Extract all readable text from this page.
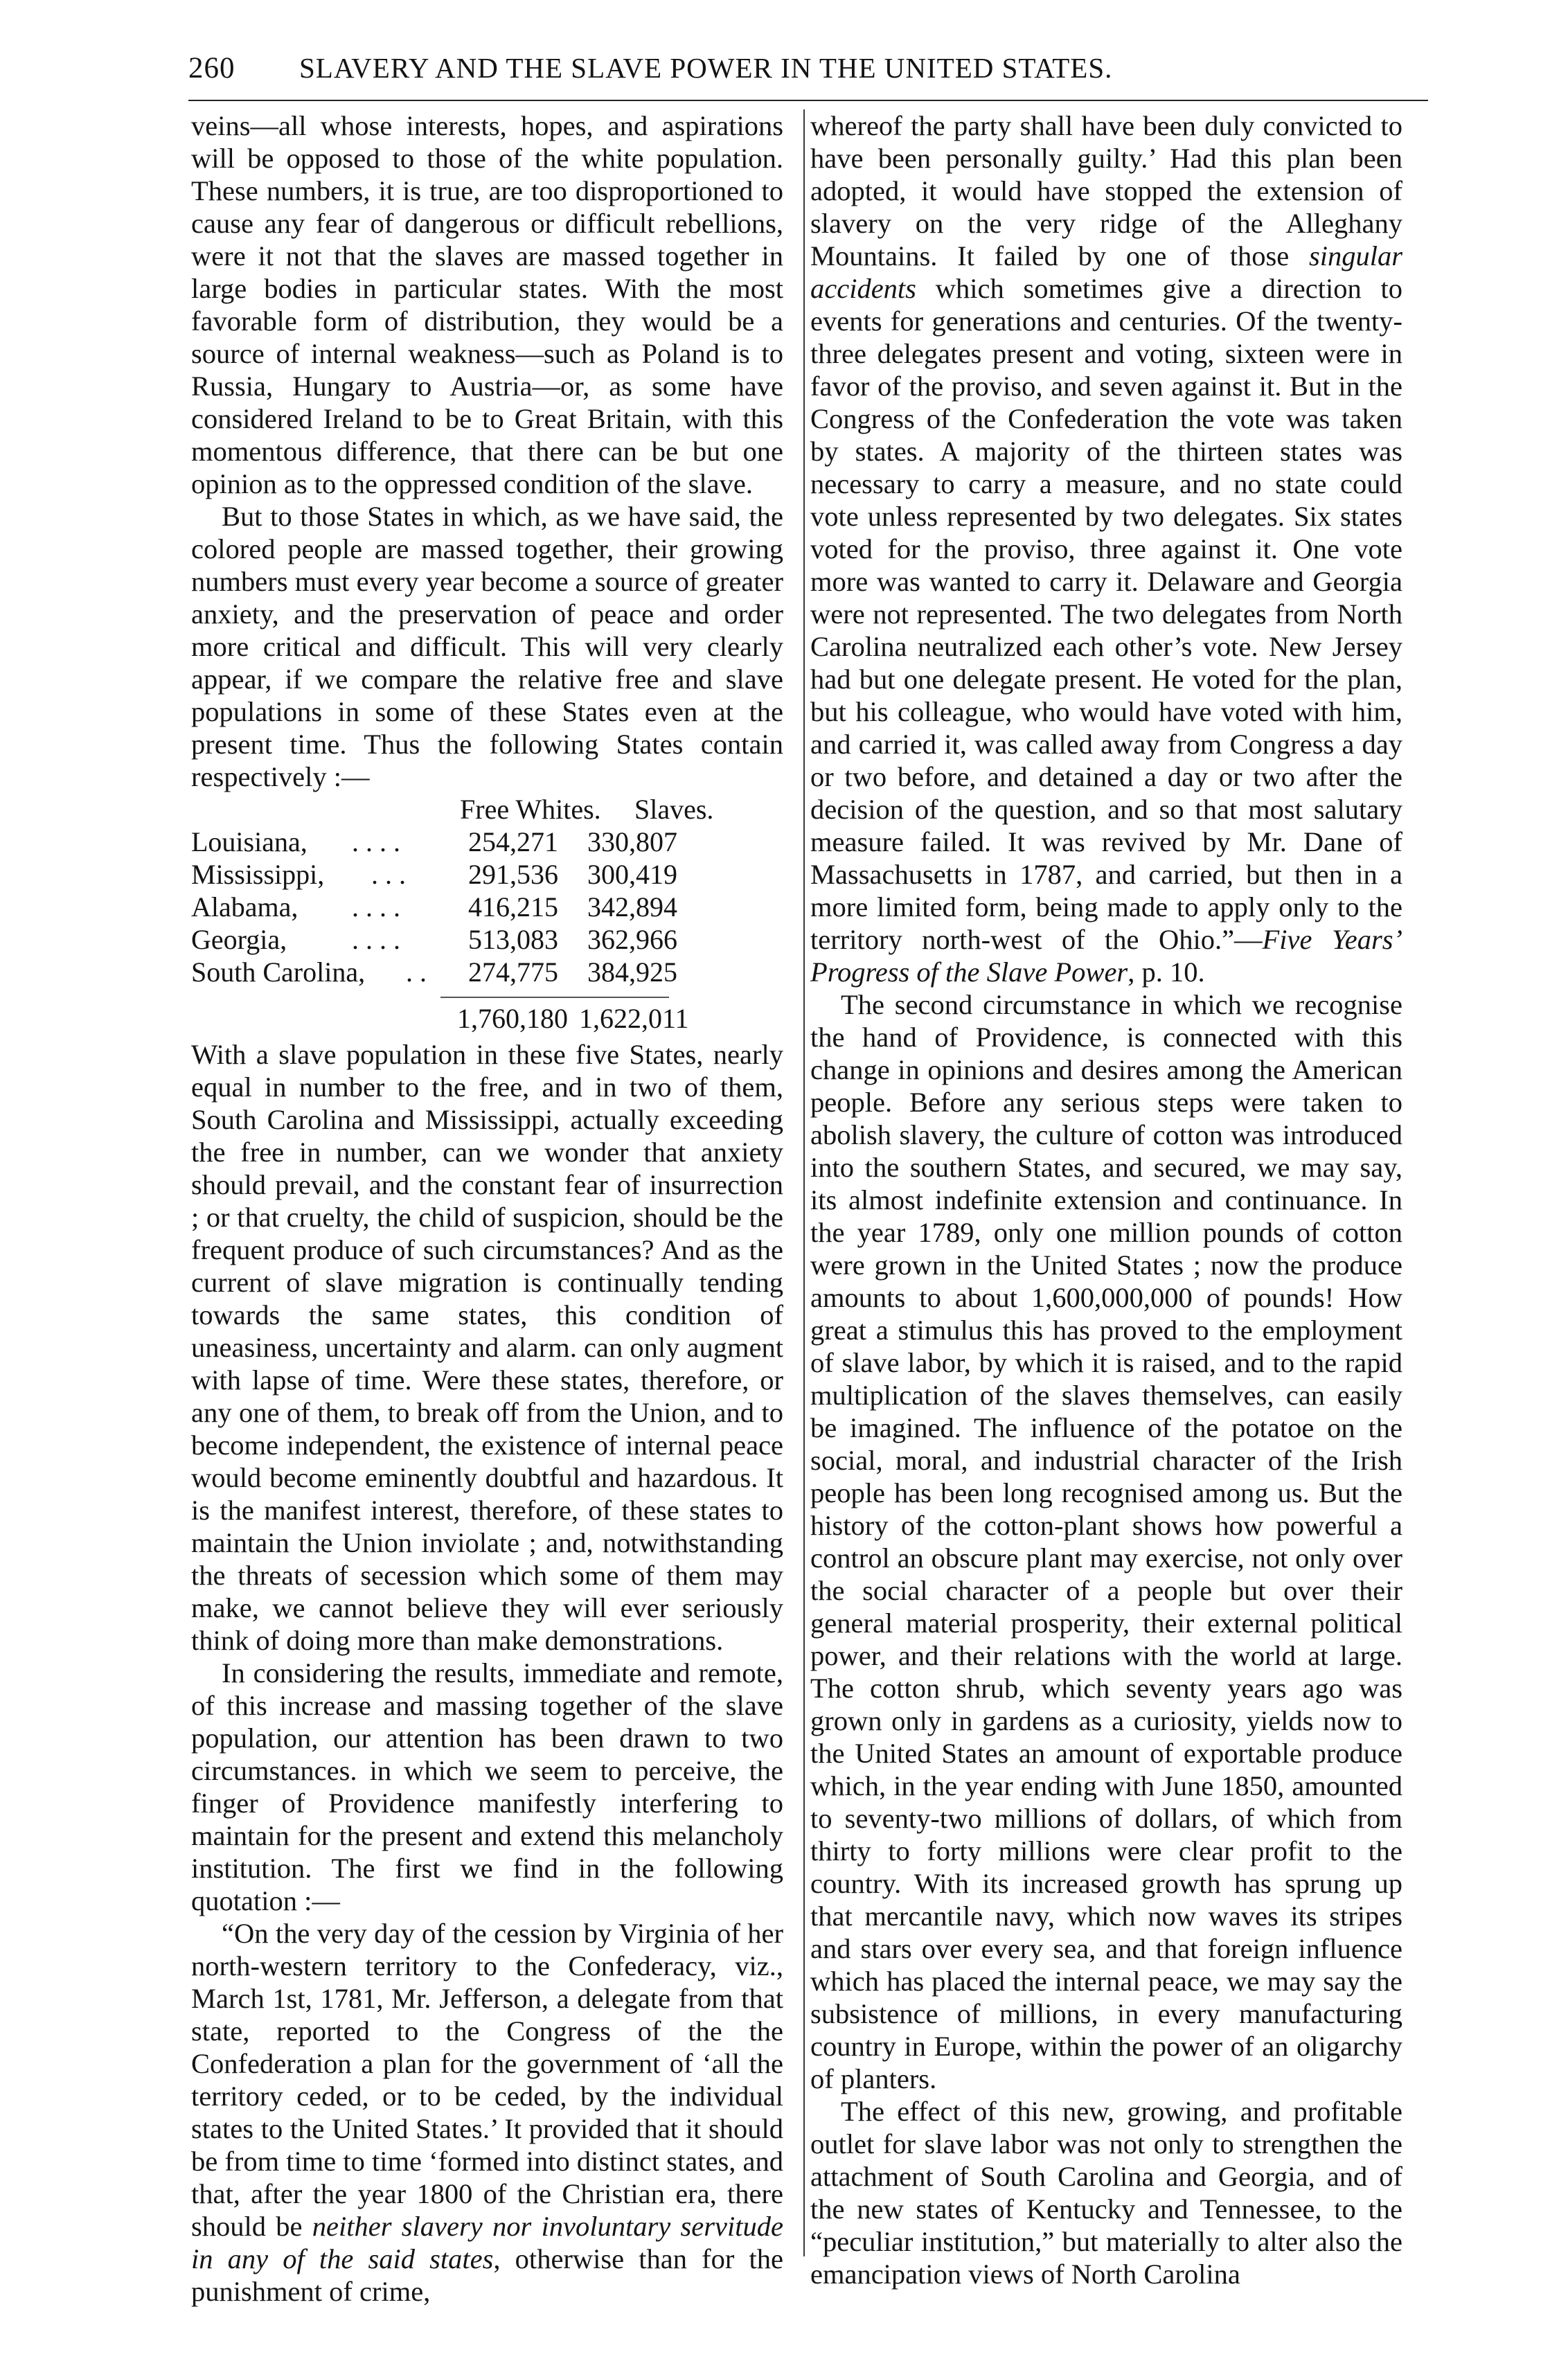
260 SLAVERY AND THE SLAVE POWER IN THE UNITED STATES.

veins—all whose interests, hopes, and aspirations will be opposed to those of the white population. These numbers, it is true, are too disproportioned to cause any fear of dangerous or difficult rebellions, were it not that the slaves are massed together in large bodies in particular states. With the most favorable form of distribution, they would be a source of internal weakness—such as Poland is to Russia, Hungary to Austria—or, as some have considered Ireland to be to Great Britain, with this momentous difference, that there can be but one opinion as to the oppressed condition of the slave.

But to those States in which, as we have said, the colored people are massed together, their growing numbers must every year become a source of greater anxiety, and the preservation of peace and order more critical and difficult. This will very clearly appear, if we compare the relative free and slave populations in some of these States even at the present time. Thus the following States contain respectively :—

Free Whites. Slaves.
Louisiana, . . . . 254,271 330,807
Mississippi, . . . 291,536 300,419
Alabama, . . . . 416,215 342,894
Georgia, . . . . 513,083 362,966
South Carolina, . . 274,775 384,925
1,760,180 1,622,011

With a slave population in these five States, nearly equal in number to the free, and in two of them, South Carolina and Mississippi, actually exceeding the free in number, can we wonder that anxiety should prevail, and the constant fear of insurrection ; or that cruelty, the child of suspicion, should be the frequent produce of such circumstances? And as the current of slave migration is continually tending towards the same states, this condition of uneasiness, uncertainty and alarm. can only augment with lapse of time. Were these states, therefore, or any one of them, to break off from the Union, and to become independent, the existence of internal peace would become eminently doubtful and hazardous. It is the manifest interest, therefore, of these states to maintain the Union inviolate ; and, notwithstanding the threats of secession which some of them may make, we cannot believe they will ever seriously think of doing more than make demonstrations.

In considering the results, immediate and remote, of this increase and massing together of the slave population, our attention has been drawn to two circumstances. in which we seem to perceive, the finger of Providence manifestly interfering to maintain for the present and extend this melancholy institution. The first we find in the following quotation :—

“On the very day of the cession by Virginia of her north-western territory to the Confederacy, viz., March 1st, 1781, Mr. Jefferson, a delegate from that state, reported to the Congress of the the Confederation a plan for the government of ‘all the territory ceded, or to be ceded, by the individual states to the United States.’ It provided that it should be from time to time ‘formed into distinct states, and that, after the year 1800 of the Christian era, there should be neither slavery nor involuntary servitude in any of the said states, otherwise than for the punishment of crime,

whereof the party shall have been duly convicted to have been personally guilty.’ Had this plan been adopted, it would have stopped the extension of slavery on the very ridge of the Alleghany Mountains. It failed by one of those singular accidents which sometimes give a direction to events for generations and centuries. Of the twenty-three delegates present and voting, sixteen were in favor of the proviso, and seven against it. But in the Congress of the Confederation the vote was taken by states. A majority of the thirteen states was necessary to carry a measure, and no state could vote unless represented by two delegates. Six states voted for the proviso, three against it. One vote more was wanted to carry it. Delaware and Georgia were not represented. The two delegates from North Carolina neutralized each other’s vote. New Jersey had but one delegate present. He voted for the plan, but his colleague, who would have voted with him, and carried it, was called away from Congress a day or two before, and detained a day or two after the decision of the question, and so that most salutary measure failed. It was revived by Mr. Dane of Massachusetts in 1787, and carried, but then in a more limited form, being made to apply only to the territory north-west of the Ohio.”—Five Years’ Progress of the Slave Power, p. 10.

The second circumstance in which we recognise the hand of Providence, is connected with this change in opinions and desires among the American people. Before any serious steps were taken to abolish slavery, the culture of cotton was introduced into the southern States, and secured, we may say, its almost indefinite extension and continuance. In the year 1789, only one million pounds of cotton were grown in the United States ; now the produce amounts to about 1,600,000,000 of pounds! How great a stimulus this has proved to the employment of slave labor, by which it is raised, and to the rapid multiplication of the slaves themselves, can easily be imagined. The influence of the potatoe on the social, moral, and industrial character of the Irish people has been long recognised among us. But the history of the cotton-plant shows how powerful a control an obscure plant may exercise, not only over the social character of a people but over their general material prosperity, their external political power, and their relations with the world at large. The cotton shrub, which seventy years ago was grown only in gardens as a curiosity, yields now to the United States an amount of exportable produce which, in the year ending with June 1850, amounted to seventy-two millions of dollars, of which from thirty to forty millions were clear profit to the country. With its increased growth has sprung up that mercantile navy, which now waves its stripes and stars over every sea, and that foreign influence which has placed the internal peace, we may say the subsistence of millions, in every manufacturing country in Europe, within the power of an oligarchy of planters.

The effect of this new, growing, and profitable outlet for slave labor was not only to strengthen the attachment of South Carolina and Georgia, and of the new states of Kentucky and Tennessee, to the “peculiar institution,” but materially to alter also the emancipation views of North Carolina
